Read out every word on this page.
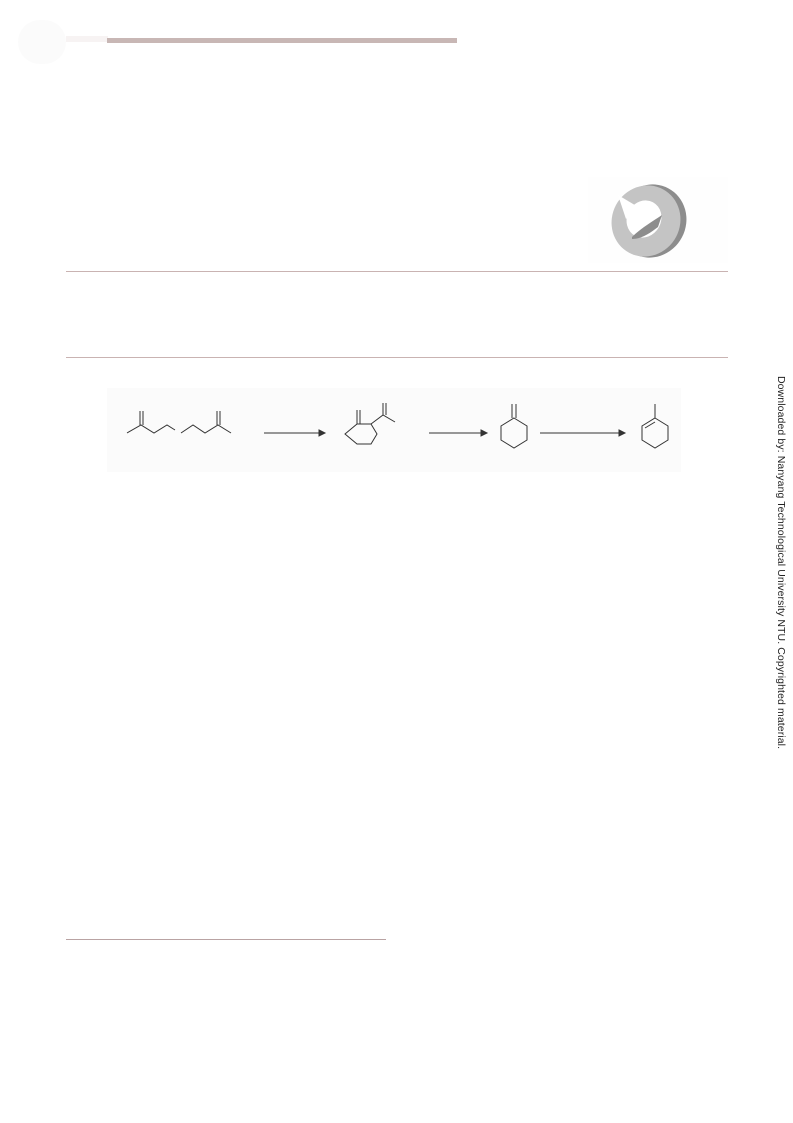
Downloaded by: Nanyang Technological University NTU. Copyrighted material.
